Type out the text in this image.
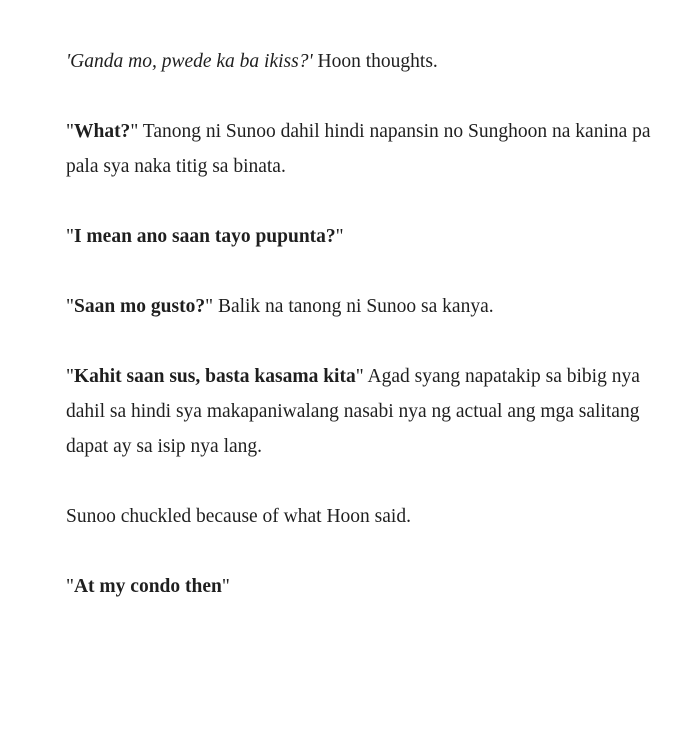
'Ganda mo, pwede ka ba ikiss?' Hoon thoughts.

"What?" Tanong ni Sunoo dahil hindi napansin no Sunghoon na kanina pa pala sya naka titig sa binata.

"I mean ano saan tayo pupunta?"

"Saan mo gusto?" Balik na tanong ni Sunoo sa kanya.

"Kahit saan sus, basta kasama kita" Agad syang napatakip sa bibig nya dahil sa hindi sya makapaniwalang nasabi nya ng actual ang mga salitang dapat ay sa isip nya lang.

Sunoo chuckled because of what Hoon said.

"At my condo then"
